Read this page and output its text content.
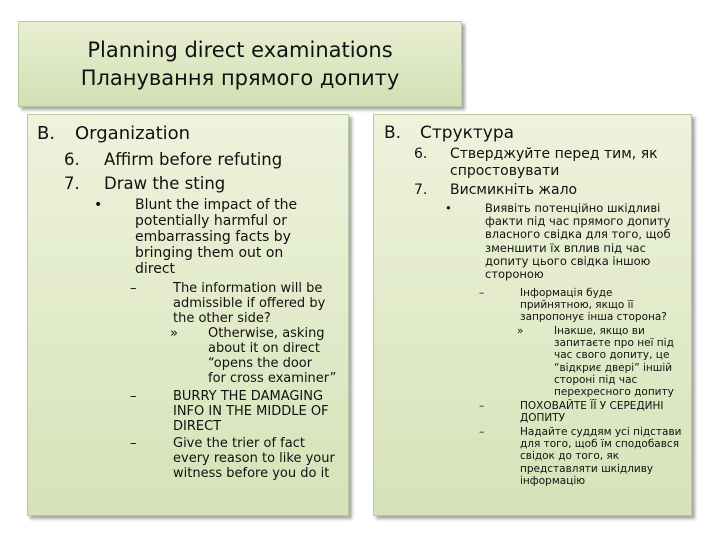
Planning direct examinations
Планування прямого допиту
B. Organization
6. Affirm before refuting
7. Draw the sting
• Blunt the impact of the
potentially harmful or
embarrassing facts by
bringing them out on
direct
–	The information will be
admissible if offered by
the other side?
» Otherwise, asking
about it on direct
“opens the door
for cross examiner”
–	BURRY THE DAMAGING
INFO IN THE MIDDLE OF
DIRECT
–	Give the trier of fact
every reason to like your
witness before you do it
B. Структура
6. Стверджуйте перед тим, як
спростовувати
7. Висмикніть жало
•	Виявіть потенційно шкідливі
факти під час прямого допиту
власного свідка для того, щоб
зменшити їх вплив під час
допиту цього свідка іншою
стороною
–	Інформація буде
прийнятною, якщо її
запропонує інша сторона?
»	Інакше, якщо ви
запитаєте про неї під
час свого допиту, це
“відкриє двері” іншій
стороні під час
перехресного допиту
–	ПОХОВАЙТЕ ЇЇ У СЕРЕДИНІ
ДОПИТУ
–	Надайте суддям усі підстави
для того, щоб їм сподобався
свідок до того, як
представляти шкідливу
інформацію
